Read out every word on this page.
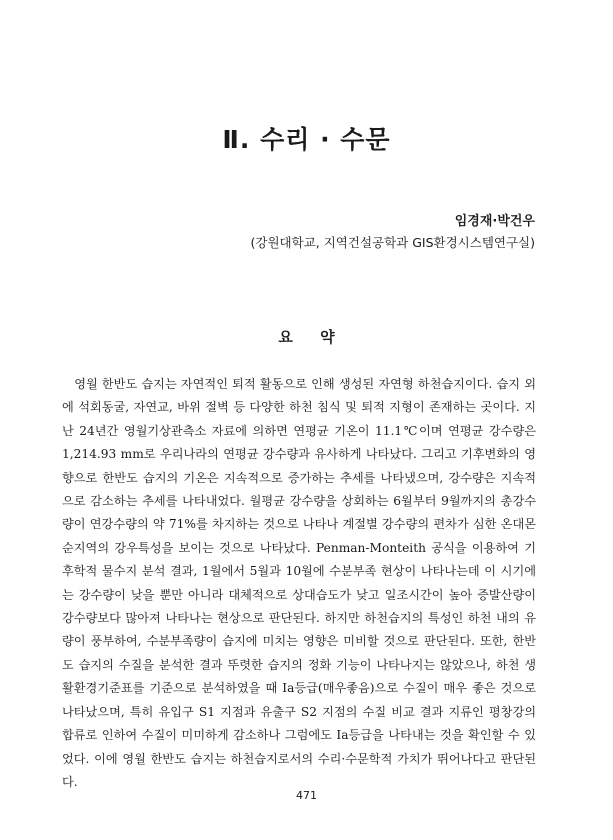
Ⅱ. 수리 · 수문
임경재·박건우
(강원대학교, 지역건설공학과 GIS환경시스템연구실)
요 약

영월 한반도 습지는 자연적인 퇴적 활동으로 인해 생성된 자연형 하천습지이다. 습지 외에 석회동굴, 자연교, 바위 절벽 등 다양한 하천 침식 및 퇴적 지형이 존재하는 곳이다. 지난 24년간 영월기상관측소 자료에 의하면 연평균 기온이 11.1℃이며 연평균 강수량은 1,214.93 mm로 우리나라의 연평균 강수량과 유사하게 나타났다. 그리고 기후변화의 영향으로 한반도 습지의 기온은 지속적으로 증가하는 추세를 나타냈으며, 강수량은 지속적으로 감소하는 추세를 나타내었다. 월평균 강수량을 상회하는 6월부터 9월까지의 총강수량이 연강수량의 약 71%를 차지하는 것으로 나타나 계절별 강수량의 편차가 심한 온대몬순지역의 강우특성을 보이는 것으로 나타났다. Penman-Monteith 공식을 이용하여 기후학적 물수지 분석 결과, 1월에서 5월과 10월에 수분부족 현상이 나타나는데 이 시기에는 강수량이 낮을 뿐만 아니라 대체적으로 상대습도가 낮고 일조시간이 높아 증발산량이 강수량보다 많아져 나타나는 현상으로 판단된다. 하지만 하천습지의 특성인 하천 내의 유량이 풍부하여, 수분부족량이 습지에 미치는 영향은 미비할 것으로 판단된다. 또한, 한반도 습지의 수질을 분석한 결과 뚜렷한 습지의 정화 기능이 나타나지는 않았으나, 하천 생활환경기준표를 기준으로 분석하였을 때 Ia등급(매우좋음)으로 수질이 매우 좋은 것으로 나타났으며, 특히 유입구 S1 지점과 유출구 S2 지점의 수질 비교 결과 지류인 평창강의 합류로 인하여 수질이 미미하게 감소하나 그럼에도 Ia등급을 나타내는 것을 확인할 수 있었다. 이에 영월 한반도 습지는 하천습지로서의 수리·수문학적 가치가 뛰어나다고 판단된다.

471
